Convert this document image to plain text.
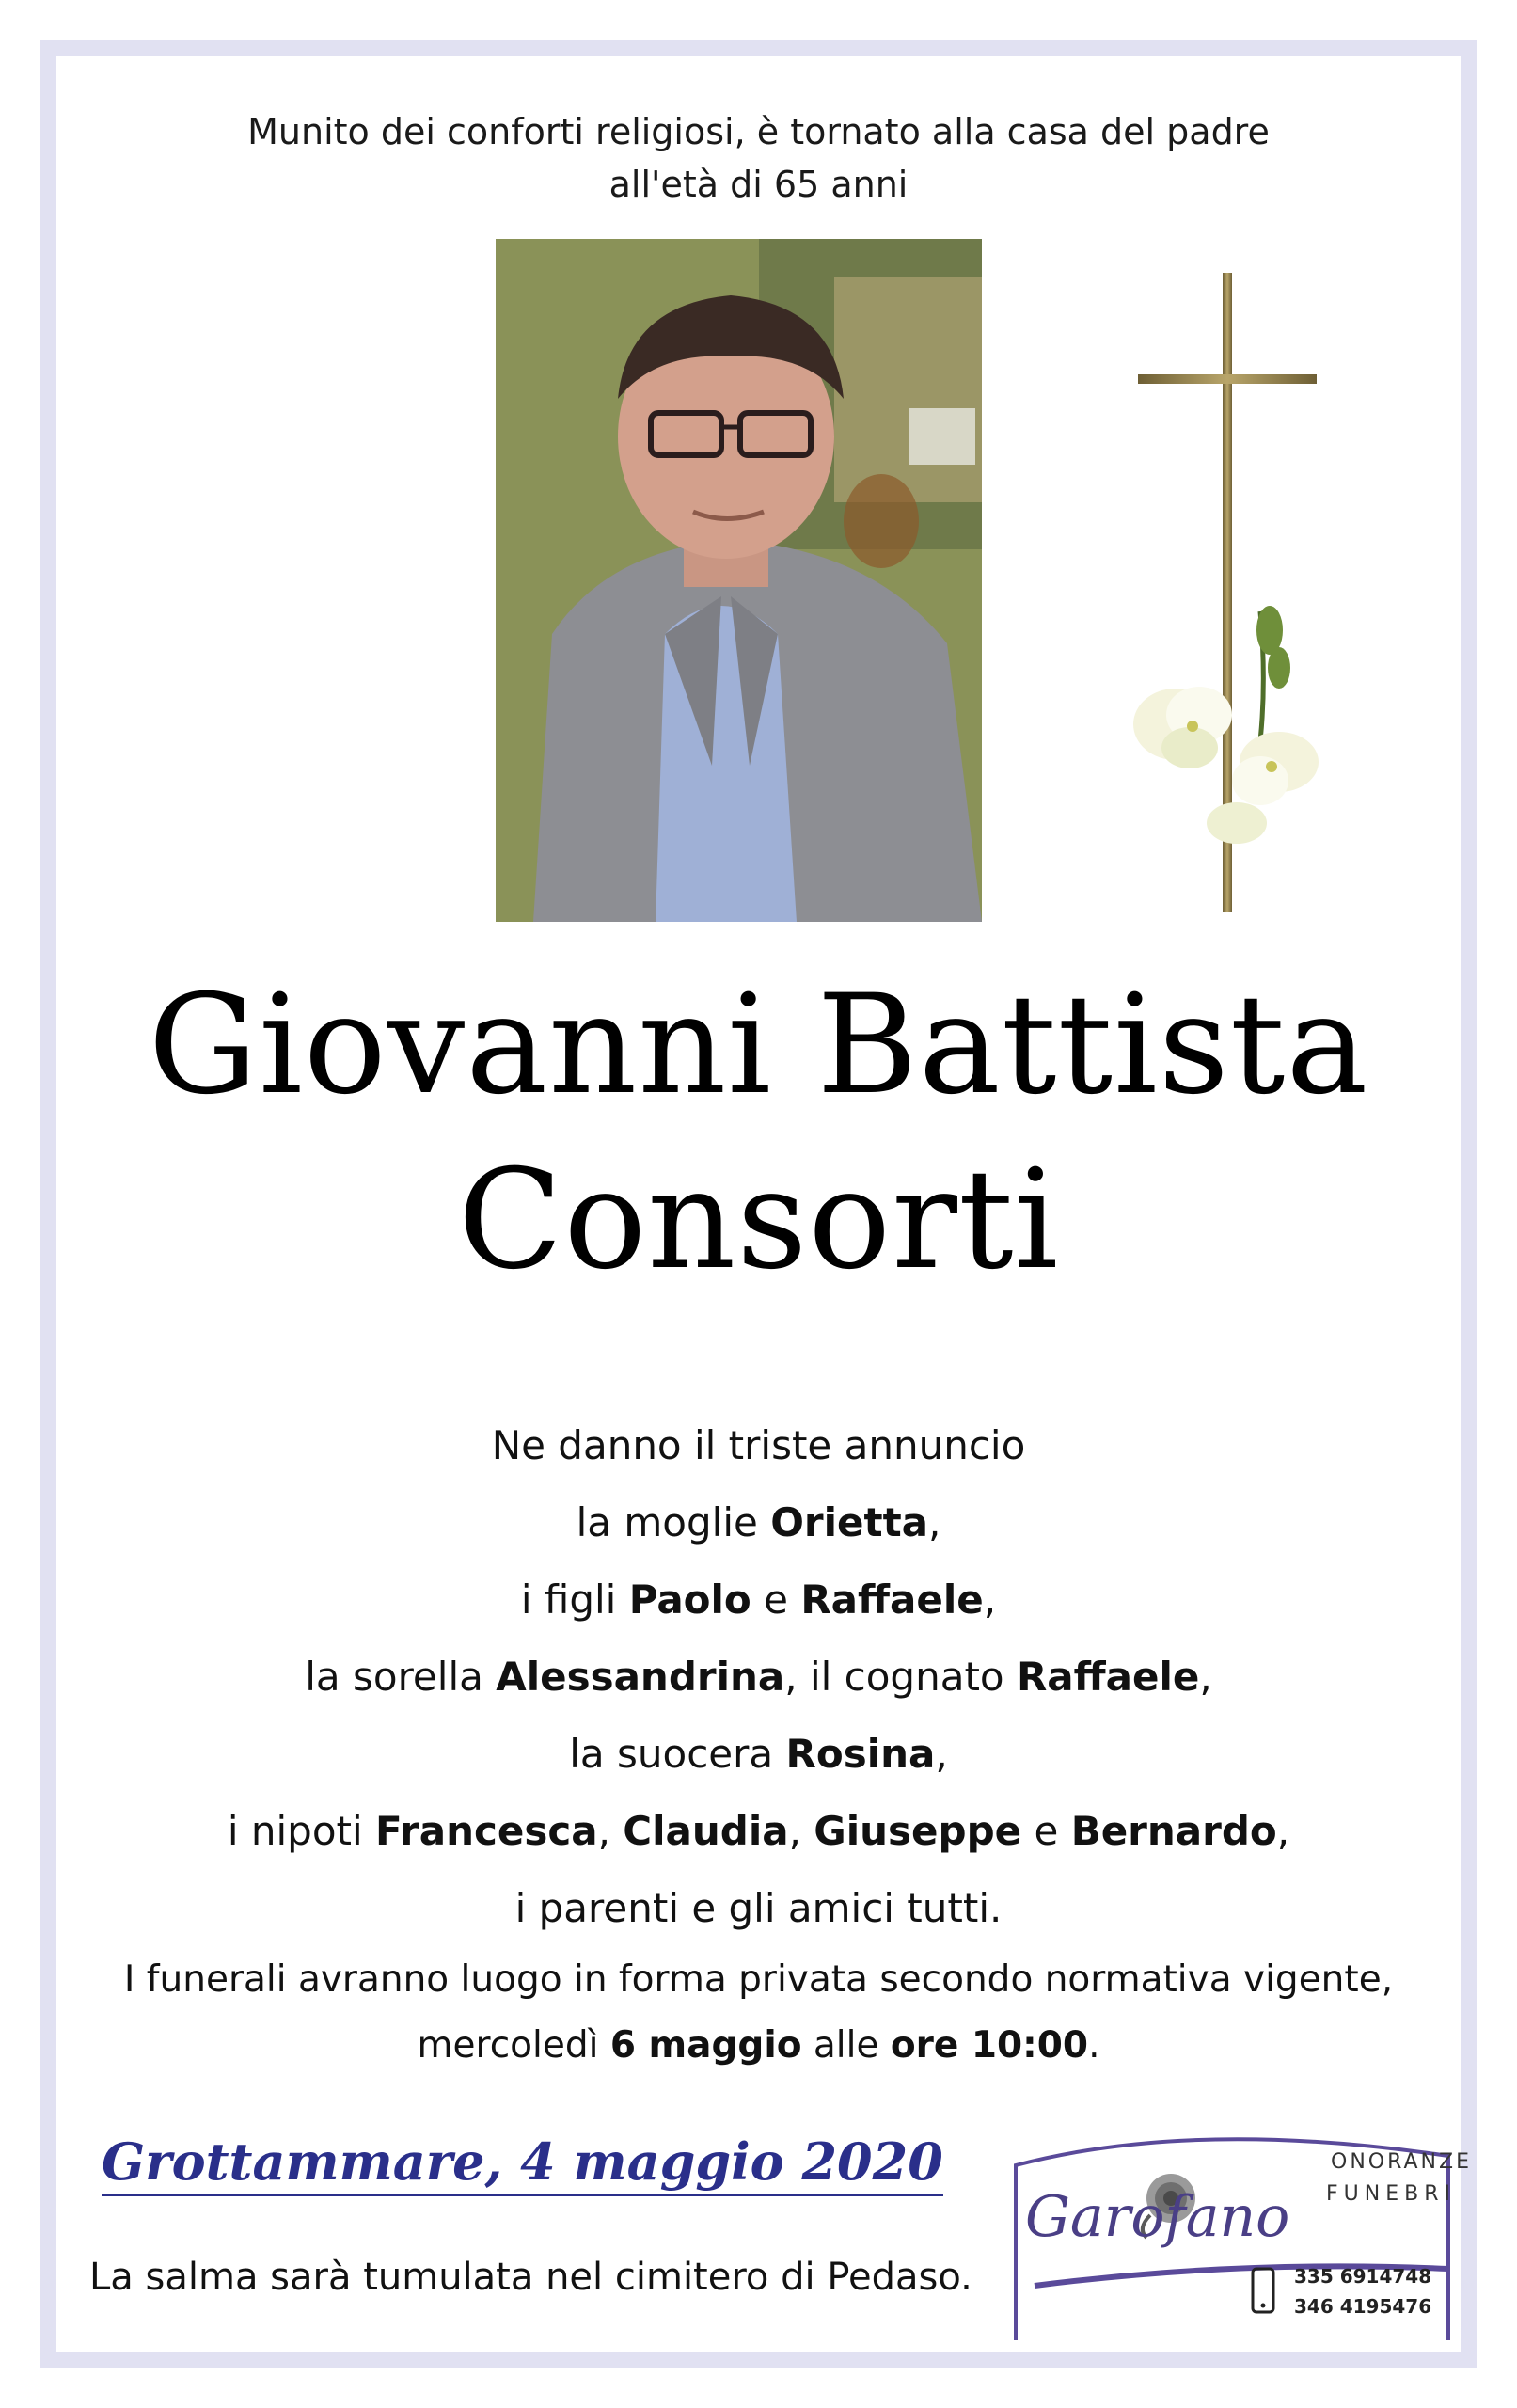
Munito dei conforti religiosi, è tornato alla casa del padre
all'età di 65 anni
Giovanni Battista
Consorti
Ne danno il triste annuncio
la moglie Orietta,
i figli Paolo e Raffaele,
la sorella Alessandrina, il cognato Raffaele,
la suocera Rosina,
i nipoti Francesca, Claudia, Giuseppe e Bernardo,
i parenti e gli amici tutti.
I funerali avranno luogo in forma privata secondo normativa vigente,
mercoledì 6 maggio alle ore 10:00.
Grottammare, 4 maggio 2020
La salma sarà tumulata nel cimitero di Pedaso.
ONORANZE
FUNEBRI
Garofano
335 6914748
346 4195476
